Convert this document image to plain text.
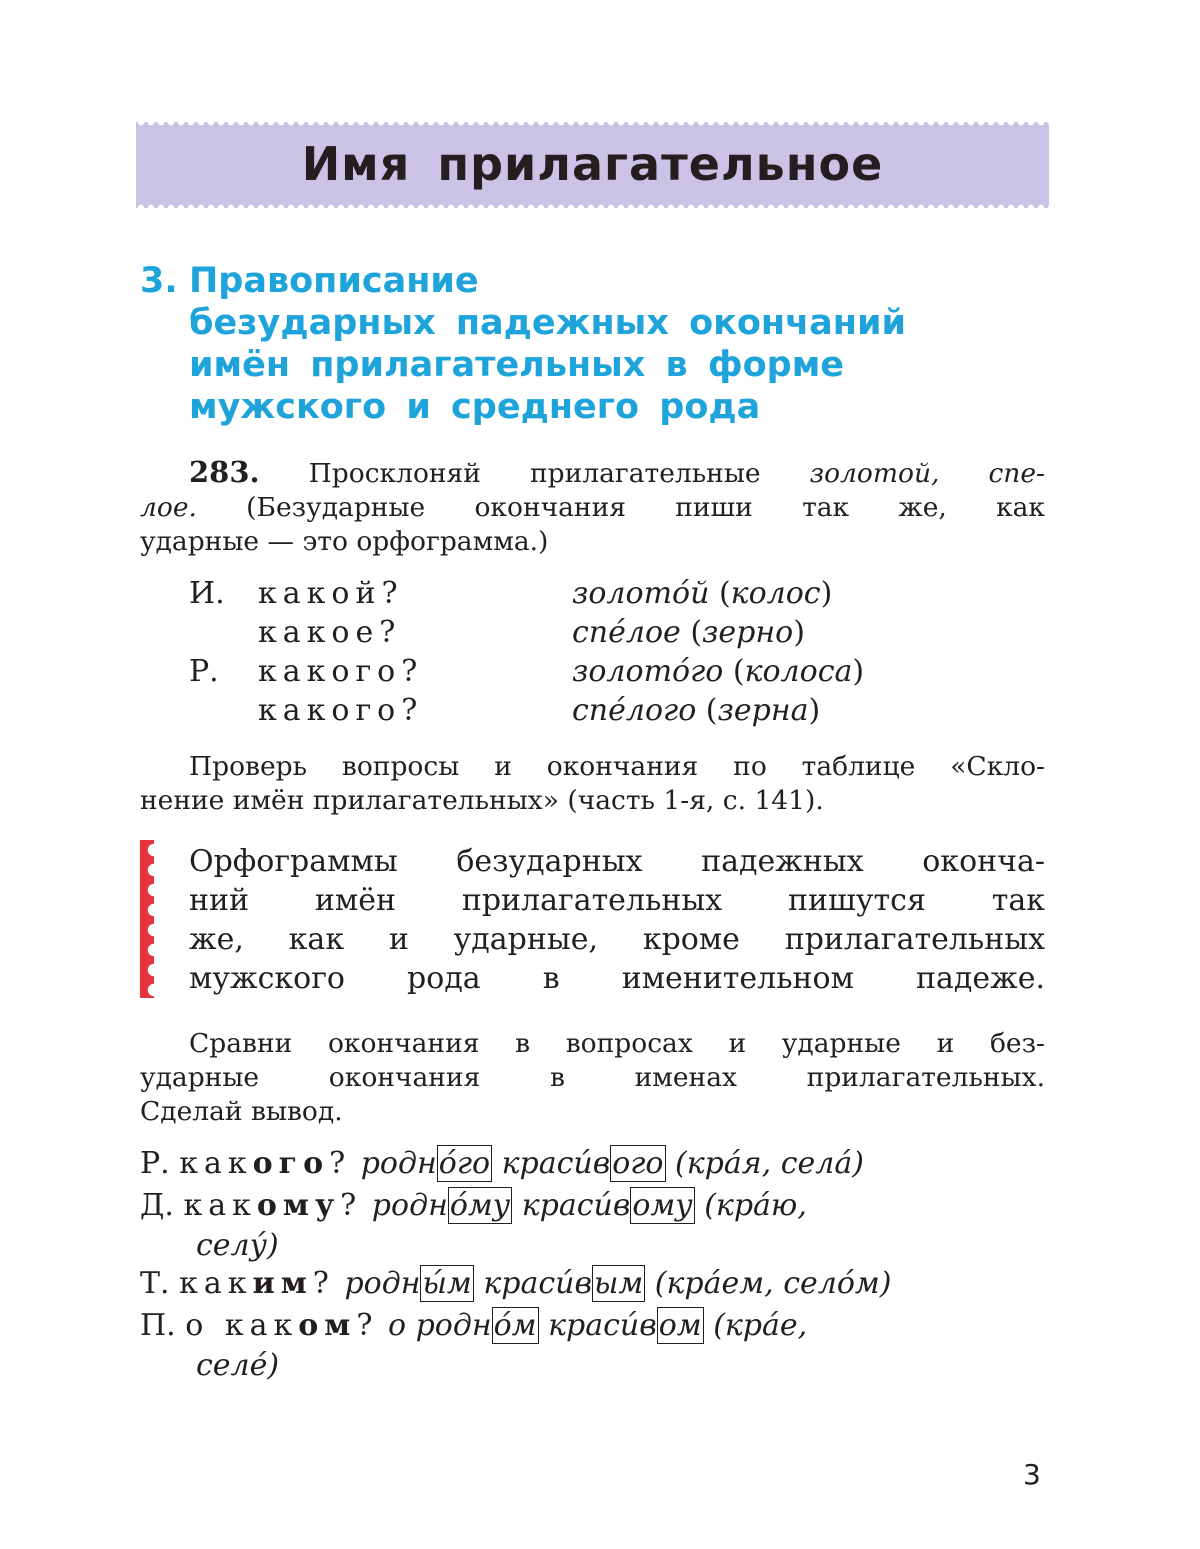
Имя прилагательное
3. Правописание
безударных падежных окончаний
имён прилагательных в форме
мужского и среднего рода
283. Просклоняй прилагательные золотой, спе-
лое. (Безударные окончания пиши так же, как
ударные — это орфограмма.)
И. какой?	золото́й (колос)
какое?	спе́лое (зерно)
Р. какого?	золото́го (колоса)
какого?	спе́лого (зерна)
Проверь вопросы и окончания по таблице «Скло-
нение имён прилагательных» (часть 1-я, с. 141).
Орфограммы безударных падежных оконча-
ний имён прилагательных пишутся так
же, как и ударные, кроме прилагательных
мужского рода в именительном падеже.
Сравни окончания в вопросах и ударные и без-
ударные окончания в именах прилагательных.
Сделай вывод.
Р. какого? родно́го краси́вого (кра́я, села́)
Д. какому? родно́му краси́вому (кра́ю,
селу́)
Т. каким? родны́м краси́вым (кра́ем, село́м)
П. о каком? о родно́м краси́вом (кра́е,
селе́)
3
